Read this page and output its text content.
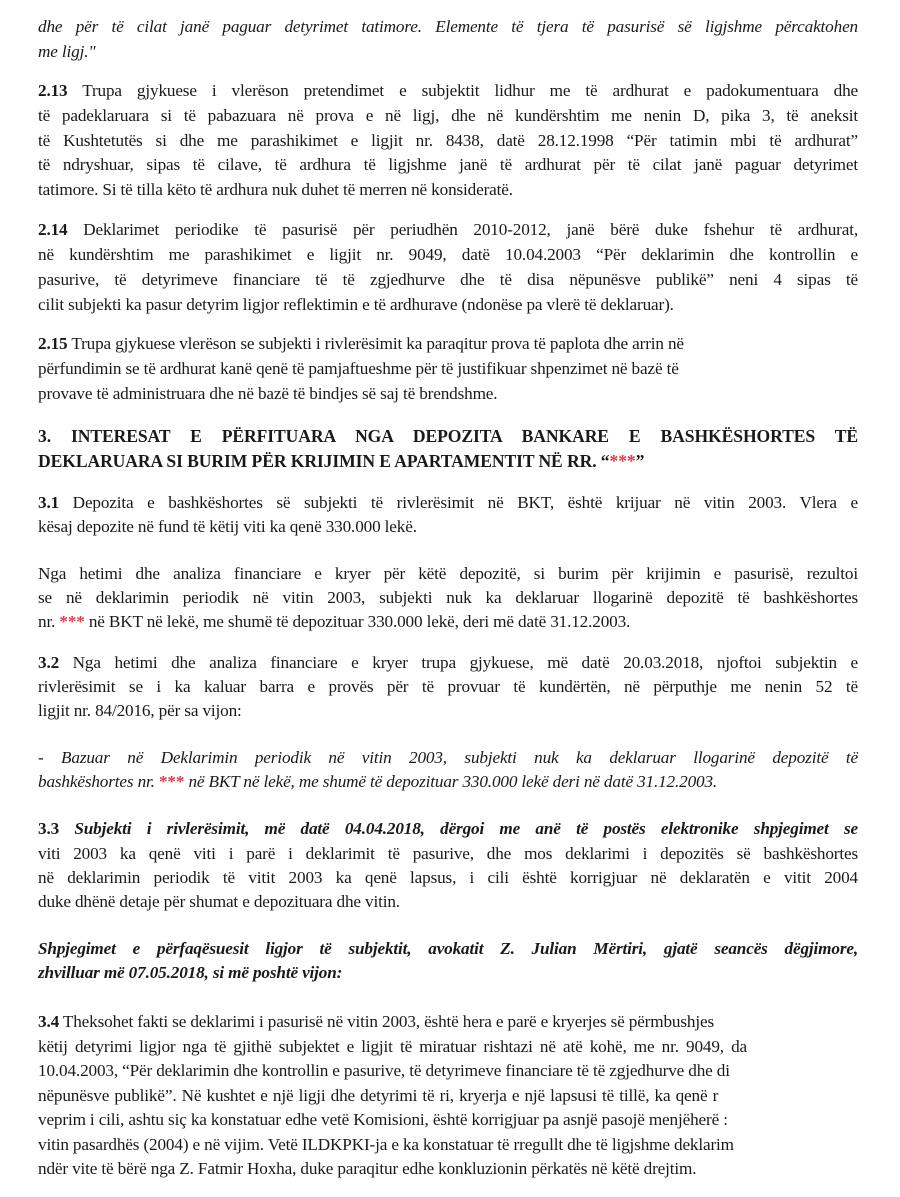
dhe për të cilat janë paguar detyrimet tatimore. Elemente të tjera të pasurisë së ligjshme përcaktohen
me ligj."
2.13 Trupa gjykuese i vlerëson pretendimet e subjektit lidhur me të ardhurat e padokumentuara dhe
të padeklaruara si të pabazuara në prova e në ligj, dhe në kundërshtim me nenin D, pika 3, të aneksit
të Kushtetutës si dhe me parashikimet e ligjit nr. 8438, datë 28.12.1998 “Për tatimin mbi të ardhurat”
të ndryshuar, sipas të cilave, të ardhura të ligjshme janë të ardhurat për të cilat janë paguar detyrimet
tatimore. Si të tilla këto të ardhura nuk duhet të merren në konsideratë.
2.14 Deklarimet periodike të pasurisë për periudhën 2010-2012, janë bërë duke fshehur të ardhurat,
në kundërshtim me parashikimet e ligjit nr. 9049, datë 10.04.2003 “Për deklarimin dhe kontrollin e
pasurive, të detyrimeve financiare të të zgjedhurve dhe të disa nëpunësve publikë” neni 4 sipas të
cilit subjekti ka pasur detyrim ligjor reflektimin e të ardhurave (ndonëse pa vlerë të deklaruar).
2.15 Trupa gjykuese vlerëson se subjekti i rivlerësimit ka paraqitur prova të paplota dhe arrin në
përfundimin se të ardhurat kanë qenë të pamjaftueshme për të justifikuar shpenzimet në bazë të
provave të administruara dhe në bazë të bindjes së saj të brendshme.
3. INTERESAT E PËRFITUARA NGA DEPOZITA BANKARE E BASHKËSHORTES TË
DEKLARUARA SI BURIM PËR KRIJIMIN E APARTAMENTIT NË RR. “***”
3.1 Depozita e bashkëshortes së subjekti të rivlerësimit në BKT, është krijuar në vitin 2003. Vlera e
kësaj depozite në fund të këtij viti ka qenë 330.000 lekë.
Nga hetimi dhe analiza financiare e kryer për këtë depozitë, si burim për krijimin e pasurisë, rezultoi
se në deklarimin periodik në vitin 2003, subjekti nuk ka deklaruar llogarinë depozitë të bashkëshortes
nr. *** në BKT në lekë, me shumë të depozituar 330.000 lekë, deri më datë 31.12.2003.
3.2 Nga hetimi dhe analiza financiare e kryer trupa gjykuese, më datë 20.03.2018, njoftoi subjektin e
rivlerësimit se i ka kaluar barra e provës për të provuar të kundërtën, në përputhje me nenin 52 të
ligjit nr. 84/2016, për sa vijon:
- Bazuar në Deklarimin periodik në vitin 2003, subjekti nuk ka deklaruar llogarinë depozitë të
bashkëshortes nr. *** në BKT në lekë, me shumë të depozituar 330.000 lekë deri në datë 31.12.2003.
3.3 Subjekti i rivlerësimit, më datë 04.04.2018, dërgoi me anë të postës elektronike shpjegimet se
viti 2003 ka qenë viti i parë i deklarimit të pasurive, dhe mos deklarimi i depozitës së bashkëshortes
në deklarimin periodik të vitit 2003 ka qenë lapsus, i cili është korrigjuar në deklaratën e vitit 2004
duke dhënë detaje për shumat e depozituara dhe vitin.
Shpjegimet e përfaqësuesit ligjor të subjektit, avokatit Z. Julian Mërtiri, gjatë seancës dëgjimore,
zhvilluar më 07.05.2018, si më poshtë vijon:
3.4 Theksohet fakti se deklarimi i pasurisë në vitin 2003, është hera e parë e kryerjes së përmbushjes
këtij detyrimi ligjor nga të gjithë subjektet e ligjit të miratuar rishtazi në atë kohë, me nr. 9049, da
10.04.2003, “Për deklarimin dhe kontrollin e pasurive, të detyrimeve financiare të të zgjedhurve dhe di
nëpunësve publikë”. Në kushtet e një ligji dhe detyrimi të ri, kryerja e një lapsusi të tillë, ka qenë r
veprim i cili, ashtu siç ka konstatuar edhe vetë Komisioni, është korrigjuar pa asnjë pasojë menjëherë :
vitin pasardhës (2004) e në vijim. Vetë ILDKPKI-ja e ka konstatuar të rregullt dhe të ligjshme deklarim
ndër vite të bërë nga Z. Fatmir Hoxha, duke paraqitur edhe konkluzionin përkatës në këtë drejtim.
